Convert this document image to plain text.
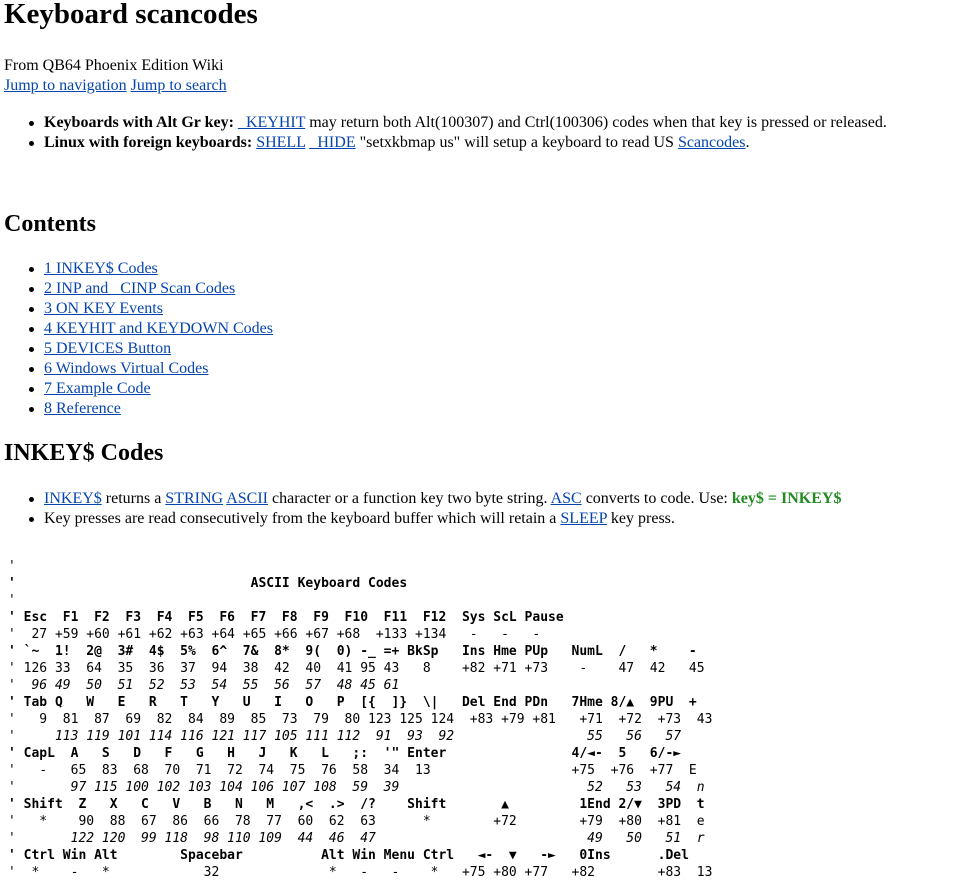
Keyboard scancodes

From QB64 Phoenix Edition Wiki

Jump to navigation Jump to search

Keyboards with Alt Gr key: _KEYHIT may return both Alt(100307) and Ctrl(100306) codes when that key is pressed or released.
Linux with foreign keyboards: SHELL _HIDE "setxkbmap us" will setup a keyboard to read US Scancodes.
Contents
1 INKEY$ Codes
2 INP and _CINP Scan Codes
3 ON KEY Events
4 KEYHIT and KEYDOWN Codes
5 DEVICES Button
6 Windows Virtual Codes
7 Example Code
8 Reference
INKEY$ Codes
INKEY$ returns a STRING ASCII character or a function key two byte string. ASC converts to code. Use: key$ = INKEY$
Key presses are read consecutively from the keyboard buffer which will retain a SLEEP key press.
'
'                              ASCII Keyboard Codes
'
' Esc  F1  F2  F3  F4  F5  F6  F7  F8  F9  F10  F11  F12  Sys ScL Pause
'  27 +59 +60 +61 +62 +63 +64 +65 +66 +67 +68  +133 +134   -   -   -
' `~  1!  2@  3#  4$  5%  6^  7&  8*  9(  0) -_ =+ BkSp   Ins Hme PUp   NumL  /   *    -
' 126 33  64  35  36  37  94  38  42  40  41 95 43   8    +82 +71 +73    -    47  42   45
'  96 49  50  51  52  53  54  55  56  57  48 45 61
' Tab Q   W   E   R   T   Y   U   I   O   P  [{  ]}  \|   Del End PDn   7Hme 8/▲  9PU  +
'   9  81  87  69  82  84  89  85  73  79  80 123 125 124  +83 +79 +81   +71  +72  +73  43
'     113 119 101 114 116 121 117 105 111 112  91  93  92                 55   56   57
' CapL  A   S   D   F   G   H   J   K   L   ;:  '" Enter                4/◄-  5   6/-►
'   -   65  83  68  70  71  72  74  75  76  58  34  13                  +75  +76  +77  E
'       97 115 100 102 103 104 106 107 108  59  39                        52   53   54  n
' Shift  Z   X   C   V   B   N   M   ,<  .>  /?    Shift       ▲         1End 2/▼  3PD  t
'   *    90  88  67  86  66  78  77  60  62  63      *        +72        +79  +80  +81  e
'       122 120  99 118  98 110 109  44  46  47                           49   50   51  r
' Ctrl Win Alt        Spacebar          Alt Win Menu Ctrl   ◄-  ▼   -►   0Ins      .Del
'  *    -   *            32              *   -   -    *   +75 +80 +77   +82        +83  13
